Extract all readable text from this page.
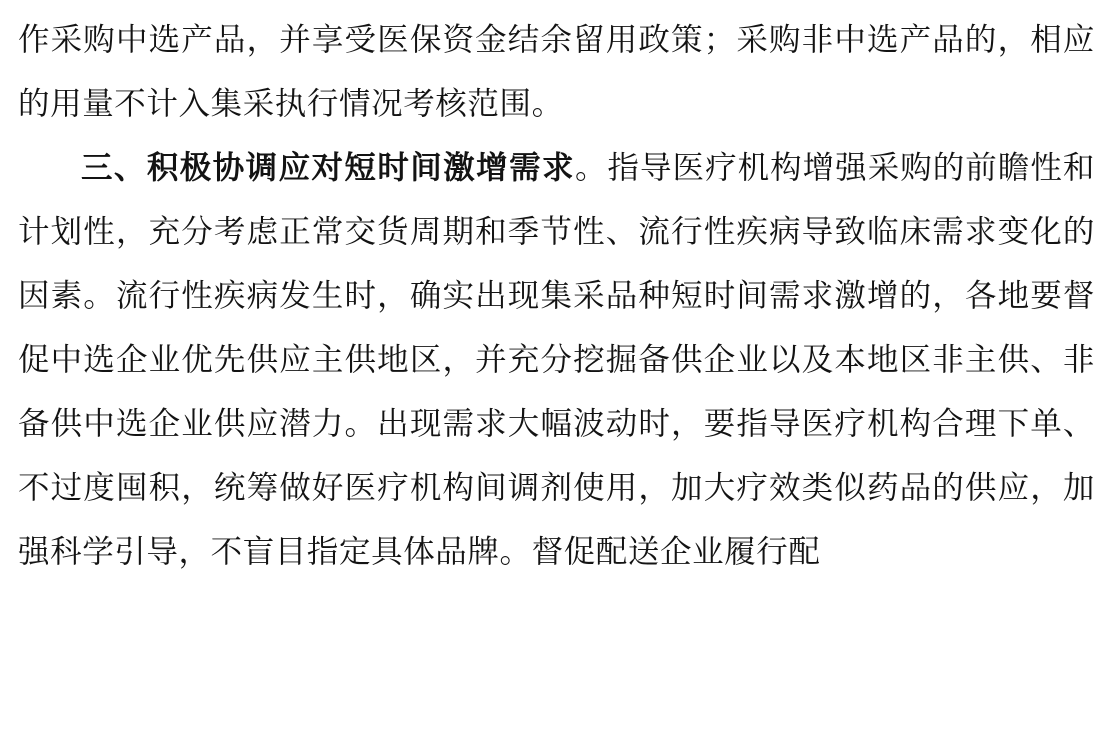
作采购中选产品，并享受医保资金结余留用政策；采购非中选产品的，相应的用量不计入集采执行情况考核范围。

三、积极协调应对短时间激增需求。指导医疗机构增强采购的前瞻性和计划性，充分考虑正常交货周期和季节性、流行性疾病导致临床需求变化的因素。流行性疾病发生时，确实出现集采品种短时间需求激增的，各地要督促中选企业优先供应主供地区，并充分挖掘备供企业以及本地区非主供、非备供中选企业供应潜力。出现需求大幅波动时，要指导医疗机构合理下单、不过度囤积，统筹做好医疗机构间调剂使用，加大疗效类似药品的供应，加强科学引导，不盲目指定具体品牌。督促配送企业履行配
